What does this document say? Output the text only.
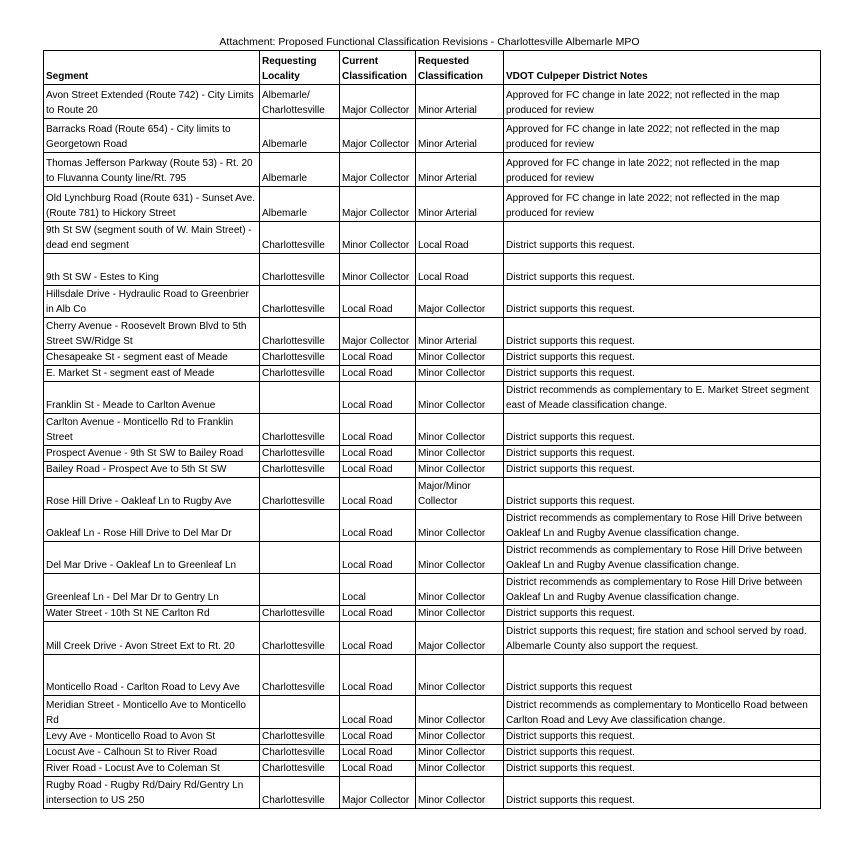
Attachment: Proposed Functional Classification Revisions - Charlottesville Albemarle MPO
Segment	Requesting Locality	Current Classification	Requested Classification	VDOT Culpeper District Notes
Avon Street Extended (Route 742) - City Limits to Route 20	Albemarle/ Charlottesville	Major Collector	Minor Arterial	Approved for FC change in late 2022; not reflected in the map produced for review
Barracks Road (Route 654) - City limits to Georgetown Road	Albemarle	Major Collector	Minor Arterial	Approved for FC change in late 2022; not reflected in the map produced for review
Thomas Jefferson Parkway (Route 53) - Rt. 20 to Fluvanna County line/Rt. 795	Albemarle	Major Collector	Minor Arterial	Approved for FC change in late 2022; not reflected in the map produced for review
Old Lynchburg Road (Route 631) - Sunset Ave. (Route 781) to Hickory Street	Albemarle	Major Collector	Minor Arterial	Approved for FC change in late 2022; not reflected in the map produced for review
9th St SW (segment south of W. Main Street) - dead end segment	Charlottesville	Minor Collector	Local Road	District supports this request.
9th St SW - Estes to King	Charlottesville	Minor Collector	Local Road	District supports this request.
Hillsdale Drive - Hydraulic Road to Greenbrier in Alb Co	Charlottesville	Local Road	Major Collector	District supports this request.
Cherry Avenue - Roosevelt Brown Blvd to 5th Street SW/Ridge St	Charlottesville	Major Collector	Minor Arterial	District supports this request.
Chesapeake St - segment east of Meade	Charlottesville	Local Road	Minor Collector	District supports this request.
E. Market St - segment east of Meade	Charlottesville	Local Road	Minor Collector	District supports this request.
Franklin St - Meade to Carlton Avenue		Local Road	Minor Collector	District recommends as complementary to E. Market Street segment east of Meade classification change.
Carlton Avenue - Monticello Rd to Franklin Street	Charlottesville	Local Road	Minor Collector	District supports this request.
Prospect Avenue - 9th St SW to Bailey Road	Charlottesville	Local Road	Minor Collector	District supports this request.
Bailey Road - Prospect Ave to 5th St SW	Charlottesville	Local Road	Minor Collector	District supports this request.
Rose Hill Drive - Oakleaf Ln to Rugby Ave	Charlottesville	Local Road	Major/Minor Collector	District supports this request.
Oakleaf Ln - Rose Hill Drive to Del Mar Dr		Local Road	Minor Collector	District recommends as complementary to Rose Hill Drive between Oakleaf Ln and Rugby Avenue classification change.
Del Mar Drive - Oakleaf Ln to Greenleaf Ln		Local Road	Minor Collector	District recommends as complementary to Rose Hill Drive between Oakleaf Ln and Rugby Avenue classification change.
Greenleaf Ln - Del Mar Dr to Gentry Ln		Local	Minor Collector	District recommends as complementary to Rose Hill Drive between Oakleaf Ln and Rugby Avenue classification change.
Water Street - 10th St NE Carlton Rd	Charlottesville	Local Road	Minor Collector	District supports this request.
Mill Creek Drive - Avon Street Ext to Rt. 20	Charlottesville	Local Road	Major Collector	District supports this request; fire station and school served by road. Albemarle County also support the request.
Monticello Road - Carlton Road to Levy Ave	Charlottesville	Local Road	Minor Collector	District supports this request
Meridian Street - Monticello Ave to Monticello Rd		Local Road	Minor Collector	District recommends as complementary to Monticello Road between Carlton Road and Levy Ave classification change.
Levy Ave - Monticello Road to Avon St	Charlottesville	Local Road	Minor Collector	District supports this request.
Locust Ave - Calhoun St to River Road	Charlottesville	Local Road	Minor Collector	District supports this request.
River Road - Locust Ave to Coleman St	Charlottesville	Local Road	Minor Collector	District supports this request.
Rugby Road - Rugby Rd/Dairy Rd/Gentry Ln intersection to US 250	Charlottesville	Major Collector	Minor Collector	District supports this request.
